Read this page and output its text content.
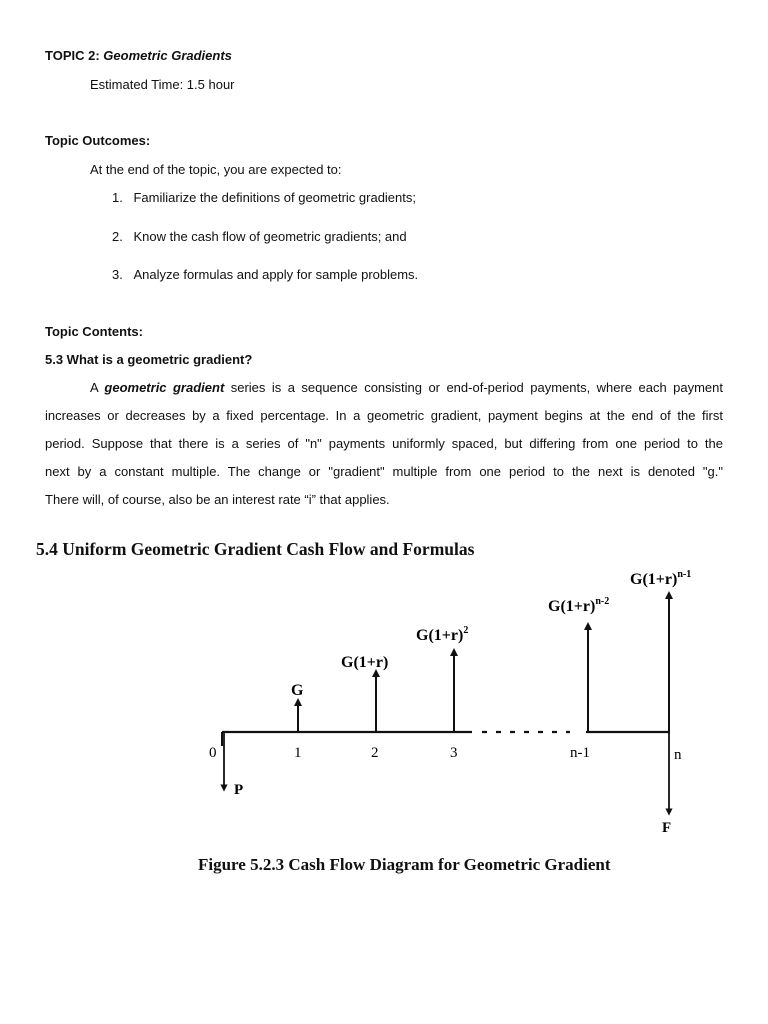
TOPIC 2: Geometric Gradients
Estimated Time: 1.5 hour
Topic Outcomes:
At the end of the topic, you are expected to:
1. Familiarize the definitions of geometric gradients;
2. Know the cash flow of geometric gradients; and
3. Analyze formulas and apply for sample problems.
Topic Contents:
5.3 What is a geometric gradient?
A geometric gradient series is a sequence consisting or end-of-period payments, where each payment
increases or decreases by a fixed percentage. In a geometric gradient, payment begins at the end of the first
period. Suppose that there is a series of "n" payments uniformly spaced, but differing from one period to the
next by a constant multiple. The change or "gradient" multiple from one period to the next is denoted "g."
There will, of course, also be an interest rate “i” that applies.
5.4 Uniform Geometric Gradient Cash Flow and Formulas
0	1	2	3	n-1	n
P
F
G
G(1+r)
$G(1+r)^2$
$G(1+r)^{n-2}$
$G(1+r)^{n-1}$
Figure 5.2.3 Cash Flow Diagram for Geometric Gradient
